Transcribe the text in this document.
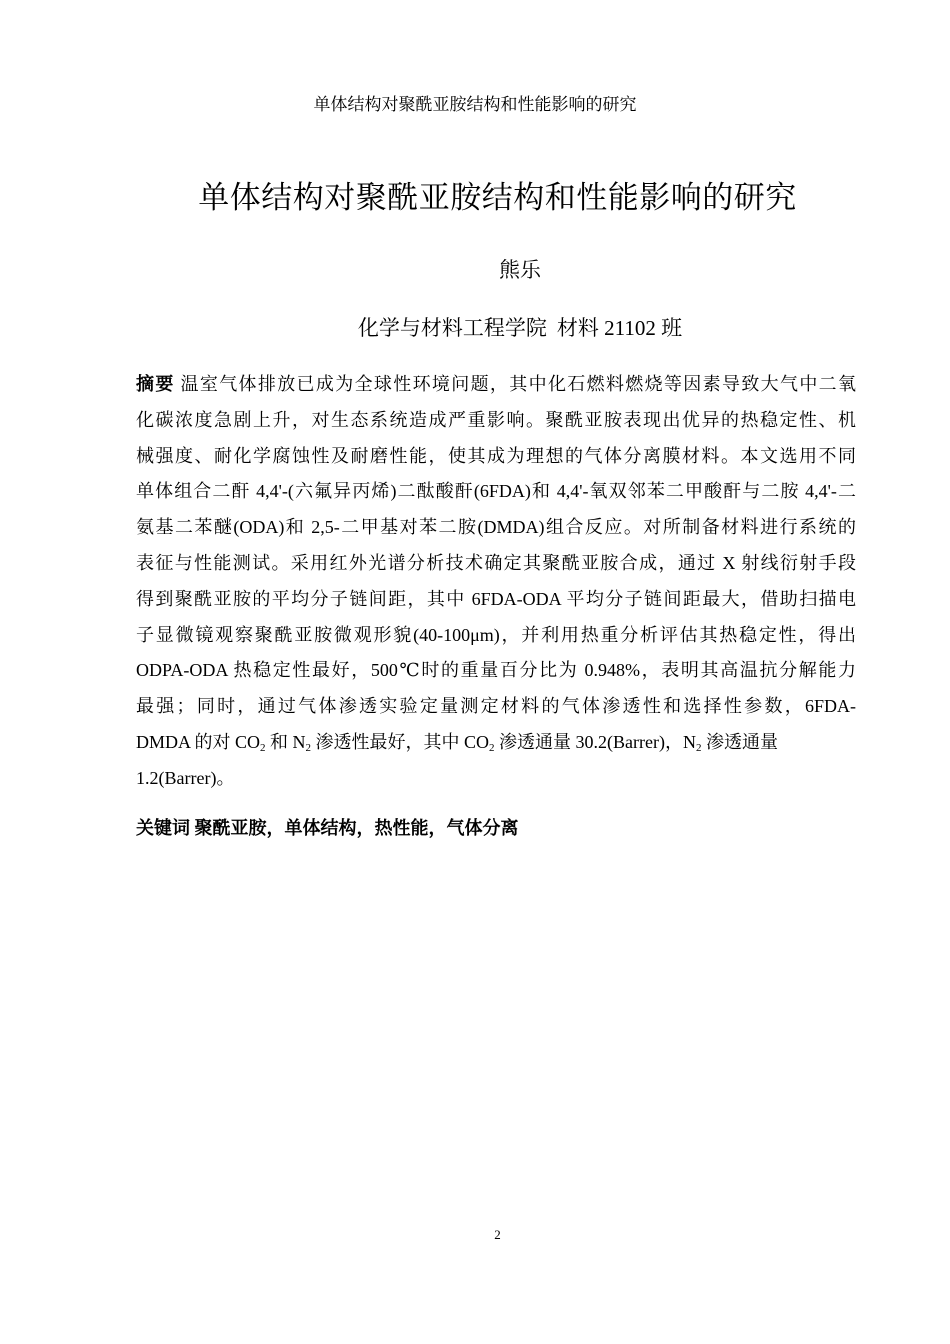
单体结构对聚酰亚胺结构和性能影响的研究
单体结构对聚酰亚胺结构和性能影响的研究
熊乐
化学与材料工程学院 材料 21102 班
摘要 温室气体排放已成为全球性环境问题，其中化石燃料燃烧等因素导致大气中二氧
化碳浓度急剧上升，对生态系统造成严重影响。聚酰亚胺表现出优异的热稳定性、机
械强度、耐化学腐蚀性及耐磨性能，使其成为理想的气体分离膜材料。本文选用不同
单体组合二酐 4,4'-(六氟异丙烯)二酞酸酐(6FDA)和 4,4'-氧双邻苯二甲酸酐与二胺 4,4'-二
氨基二苯醚(ODA)和 2,5-二甲基对苯二胺(DMDA)组合反应。对所制备材料进行系统的
表征与性能测试。采用红外光谱分析技术确定其聚酰亚胺合成，通过 X 射线衍射手段
得到聚酰亚胺的平均分子链间距，其中 6FDA-ODA 平均分子链间距最大，借助扫描电
子显微镜观察聚酰亚胺微观形貌(40-100μm)，并利用热重分析评估其热稳定性，得出
ODPA-ODA 热稳定性最好，500℃时的重量百分比为 0.948%，表明其高温抗分解能力
最强；同时，通过气体渗透实验定量测定材料的气体渗透性和选择性参数，6FDA-
DMDA 的对 $CO_2$ 和 $N_2$ 渗透性最好，其中 $CO_2$ 渗透通量 30.2(Barrer)，$N_2$ 渗透通量
1.2(Barrer)。
关键词 聚酰亚胺，单体结构，热性能，气体分离
2
